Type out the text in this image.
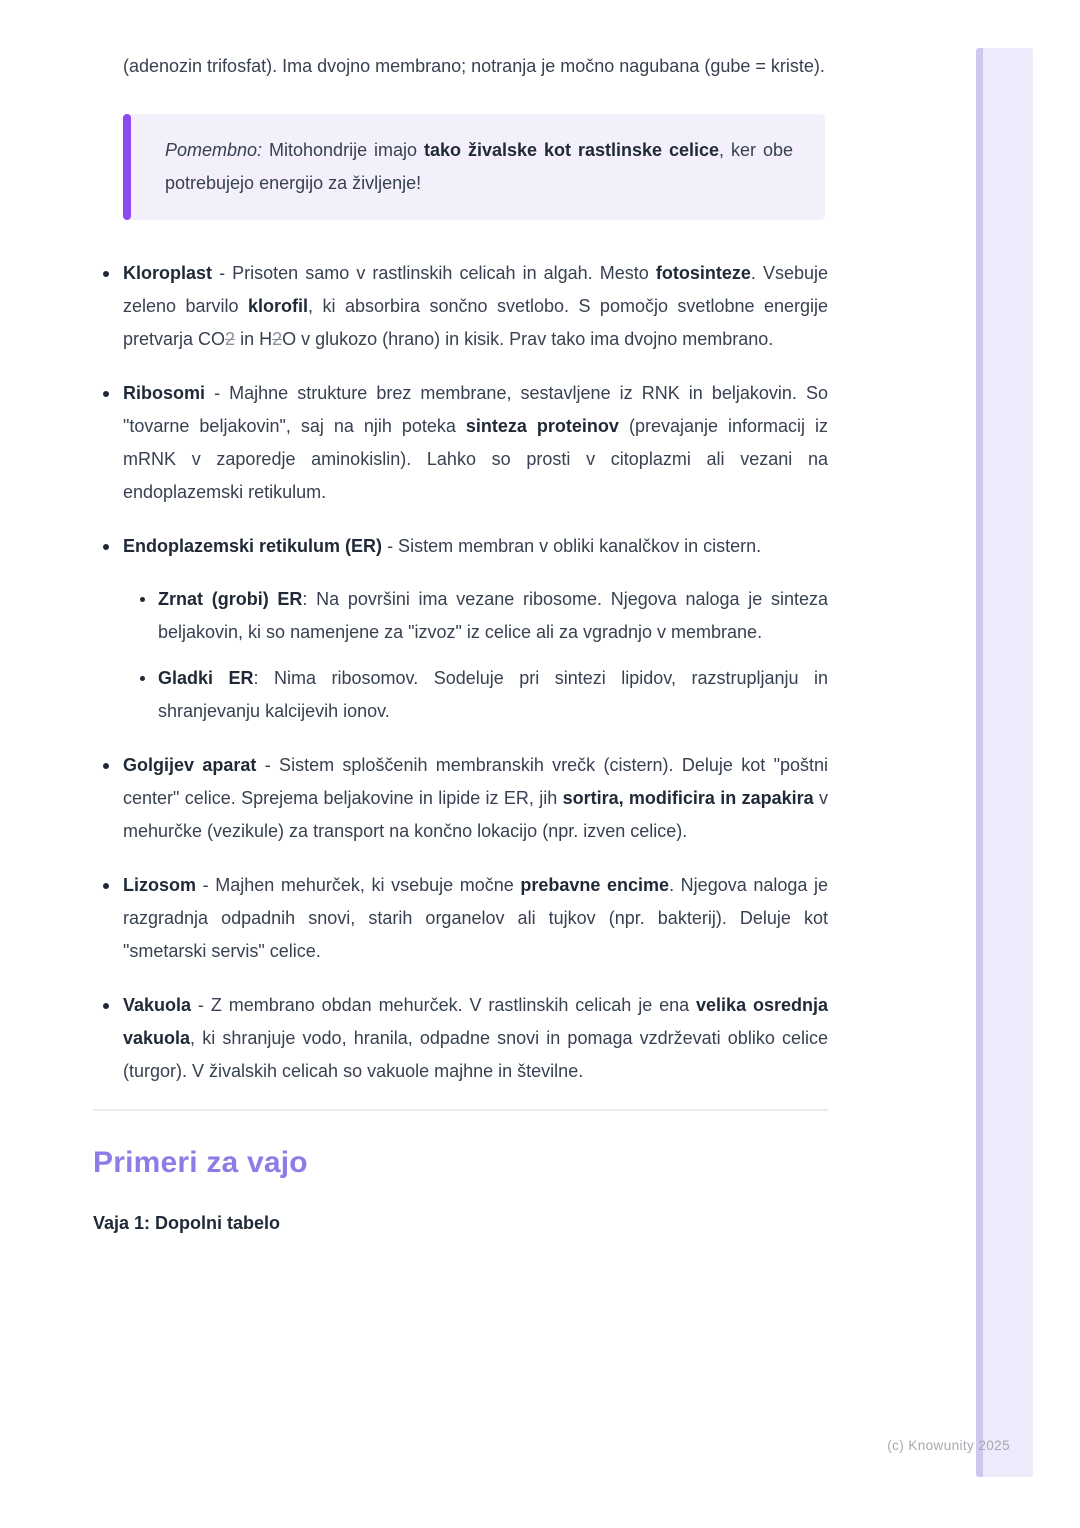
(adenozin trifosfat). Ima dvojno membrano; notranja je močno nagubana (gube = kriste).

Pomembno: Mitohondrije imajo tako živalske kot rastlinske celice, ker obe potrebujejo energijo za življenje!

Kloroplast - Prisoten samo v rastlinskih celicah in algah. Mesto fotosinteze. Vsebuje zeleno barvilo klorofil, ki absorbira sončno svetlobo. S pomočjo svetlobne energije pretvarja CO2 in H2O v glukozo (hrano) in kisik. Prav tako ima dvojno membrano.

Ribosomi - Majhne strukture brez membrane, sestavljene iz RNK in beljakovin. So "tovarne beljakovin", saj na njih poteka sinteza proteinov (prevajanje informacij iz mRNK v zaporedje aminokislin). Lahko so prosti v citoplazmi ali vezani na endoplazemski retikulum.

Endoplazemski retikulum (ER) - Sistem membran v obliki kanalčkov in cistern.

Zrnat (grobi) ER: Na površini ima vezane ribosome. Njegova naloga je sinteza beljakovin, ki so namenjene za "izvoz" iz celice ali za vgradnjo v membrane.

Gladki ER: Nima ribosomov. Sodeluje pri sintezi lipidov, razstrupljanju in shranjevanju kalcijevih ionov.

Golgijev aparat - Sistem sploščenih membranskih vrečk (cistern). Deluje kot "poštni center" celice. Sprejema beljakovine in lipide iz ER, jih sortira, modificira in zapakira v mehurčke (vezikule) za transport na končno lokacijo (npr. izven celice).

Lizosom - Majhen mehurček, ki vsebuje močne prebavne encime. Njegova naloga je razgradnja odpadnih snovi, starih organelov ali tujkov (npr. bakterij). Deluje kot "smetarski servis" celice.

Vakuola - Z membrano obdan mehurček. V rastlinskih celicah je ena velika osrednja vakuola, ki shranjuje vodo, hranila, odpadne snovi in pomaga vzdrževati obliko celice (turgor). V živalskih celicah so vakuole majhne in številne.

Primeri za vajo

Vaja 1: Dopolni tabelo

(c) Knowunity 2025
